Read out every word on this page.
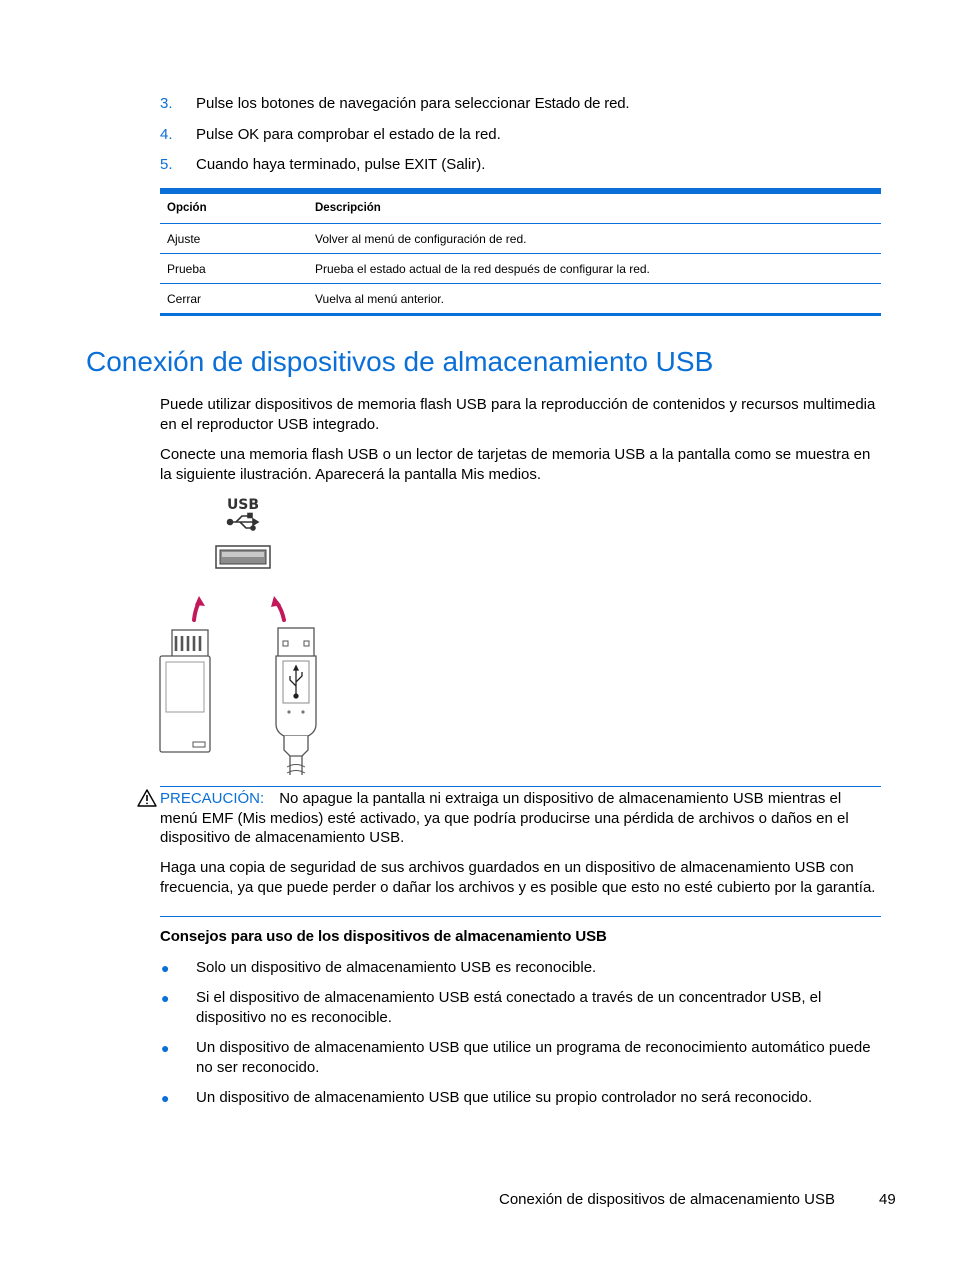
3. Pulse los botones de navegación para seleccionar Estado de red.
4. Pulse OK para comprobar el estado de la red.
5. Cuando haya terminado, pulse EXIT (Salir).
Opción	Descripción
Ajuste	Volver al menú de configuración de red.
Prueba	Prueba el estado actual de la red después de configurar la red.
Cerrar	Vuelva al menú anterior.
Conexión de dispositivos de almacenamiento USB
Puede utilizar dispositivos de memoria flash USB para la reproducción de contenidos y recursos multimedia en el reproductor USB integrado.
Conecte una memoria flash USB o un lector de tarjetas de memoria USB a la pantalla como se muestra en la siguiente ilustración. Aparecerá la pantalla Mis medios.
USB
PRECAUCIÓN: No apague la pantalla ni extraiga un dispositivo de almacenamiento USB mientras el menú EMF (Mis medios) esté activado, ya que podría producirse una pérdida de archivos o daños en el dispositivo de almacenamiento USB.
Haga una copia de seguridad de sus archivos guardados en un dispositivo de almacenamiento USB con frecuencia, ya que puede perder o dañar los archivos y es posible que esto no esté cubierto por la garantía.
Consejos para uso de los dispositivos de almacenamiento USB
● Solo un dispositivo de almacenamiento USB es reconocible.
● Si el dispositivo de almacenamiento USB está conectado a través de un concentrador USB, el dispositivo no es reconocible.
● Un dispositivo de almacenamiento USB que utilice un programa de reconocimiento automático puede no ser reconocido.
● Un dispositivo de almacenamiento USB que utilice su propio controlador no será reconocido.
Conexión de dispositivos de almacenamiento USB	49
